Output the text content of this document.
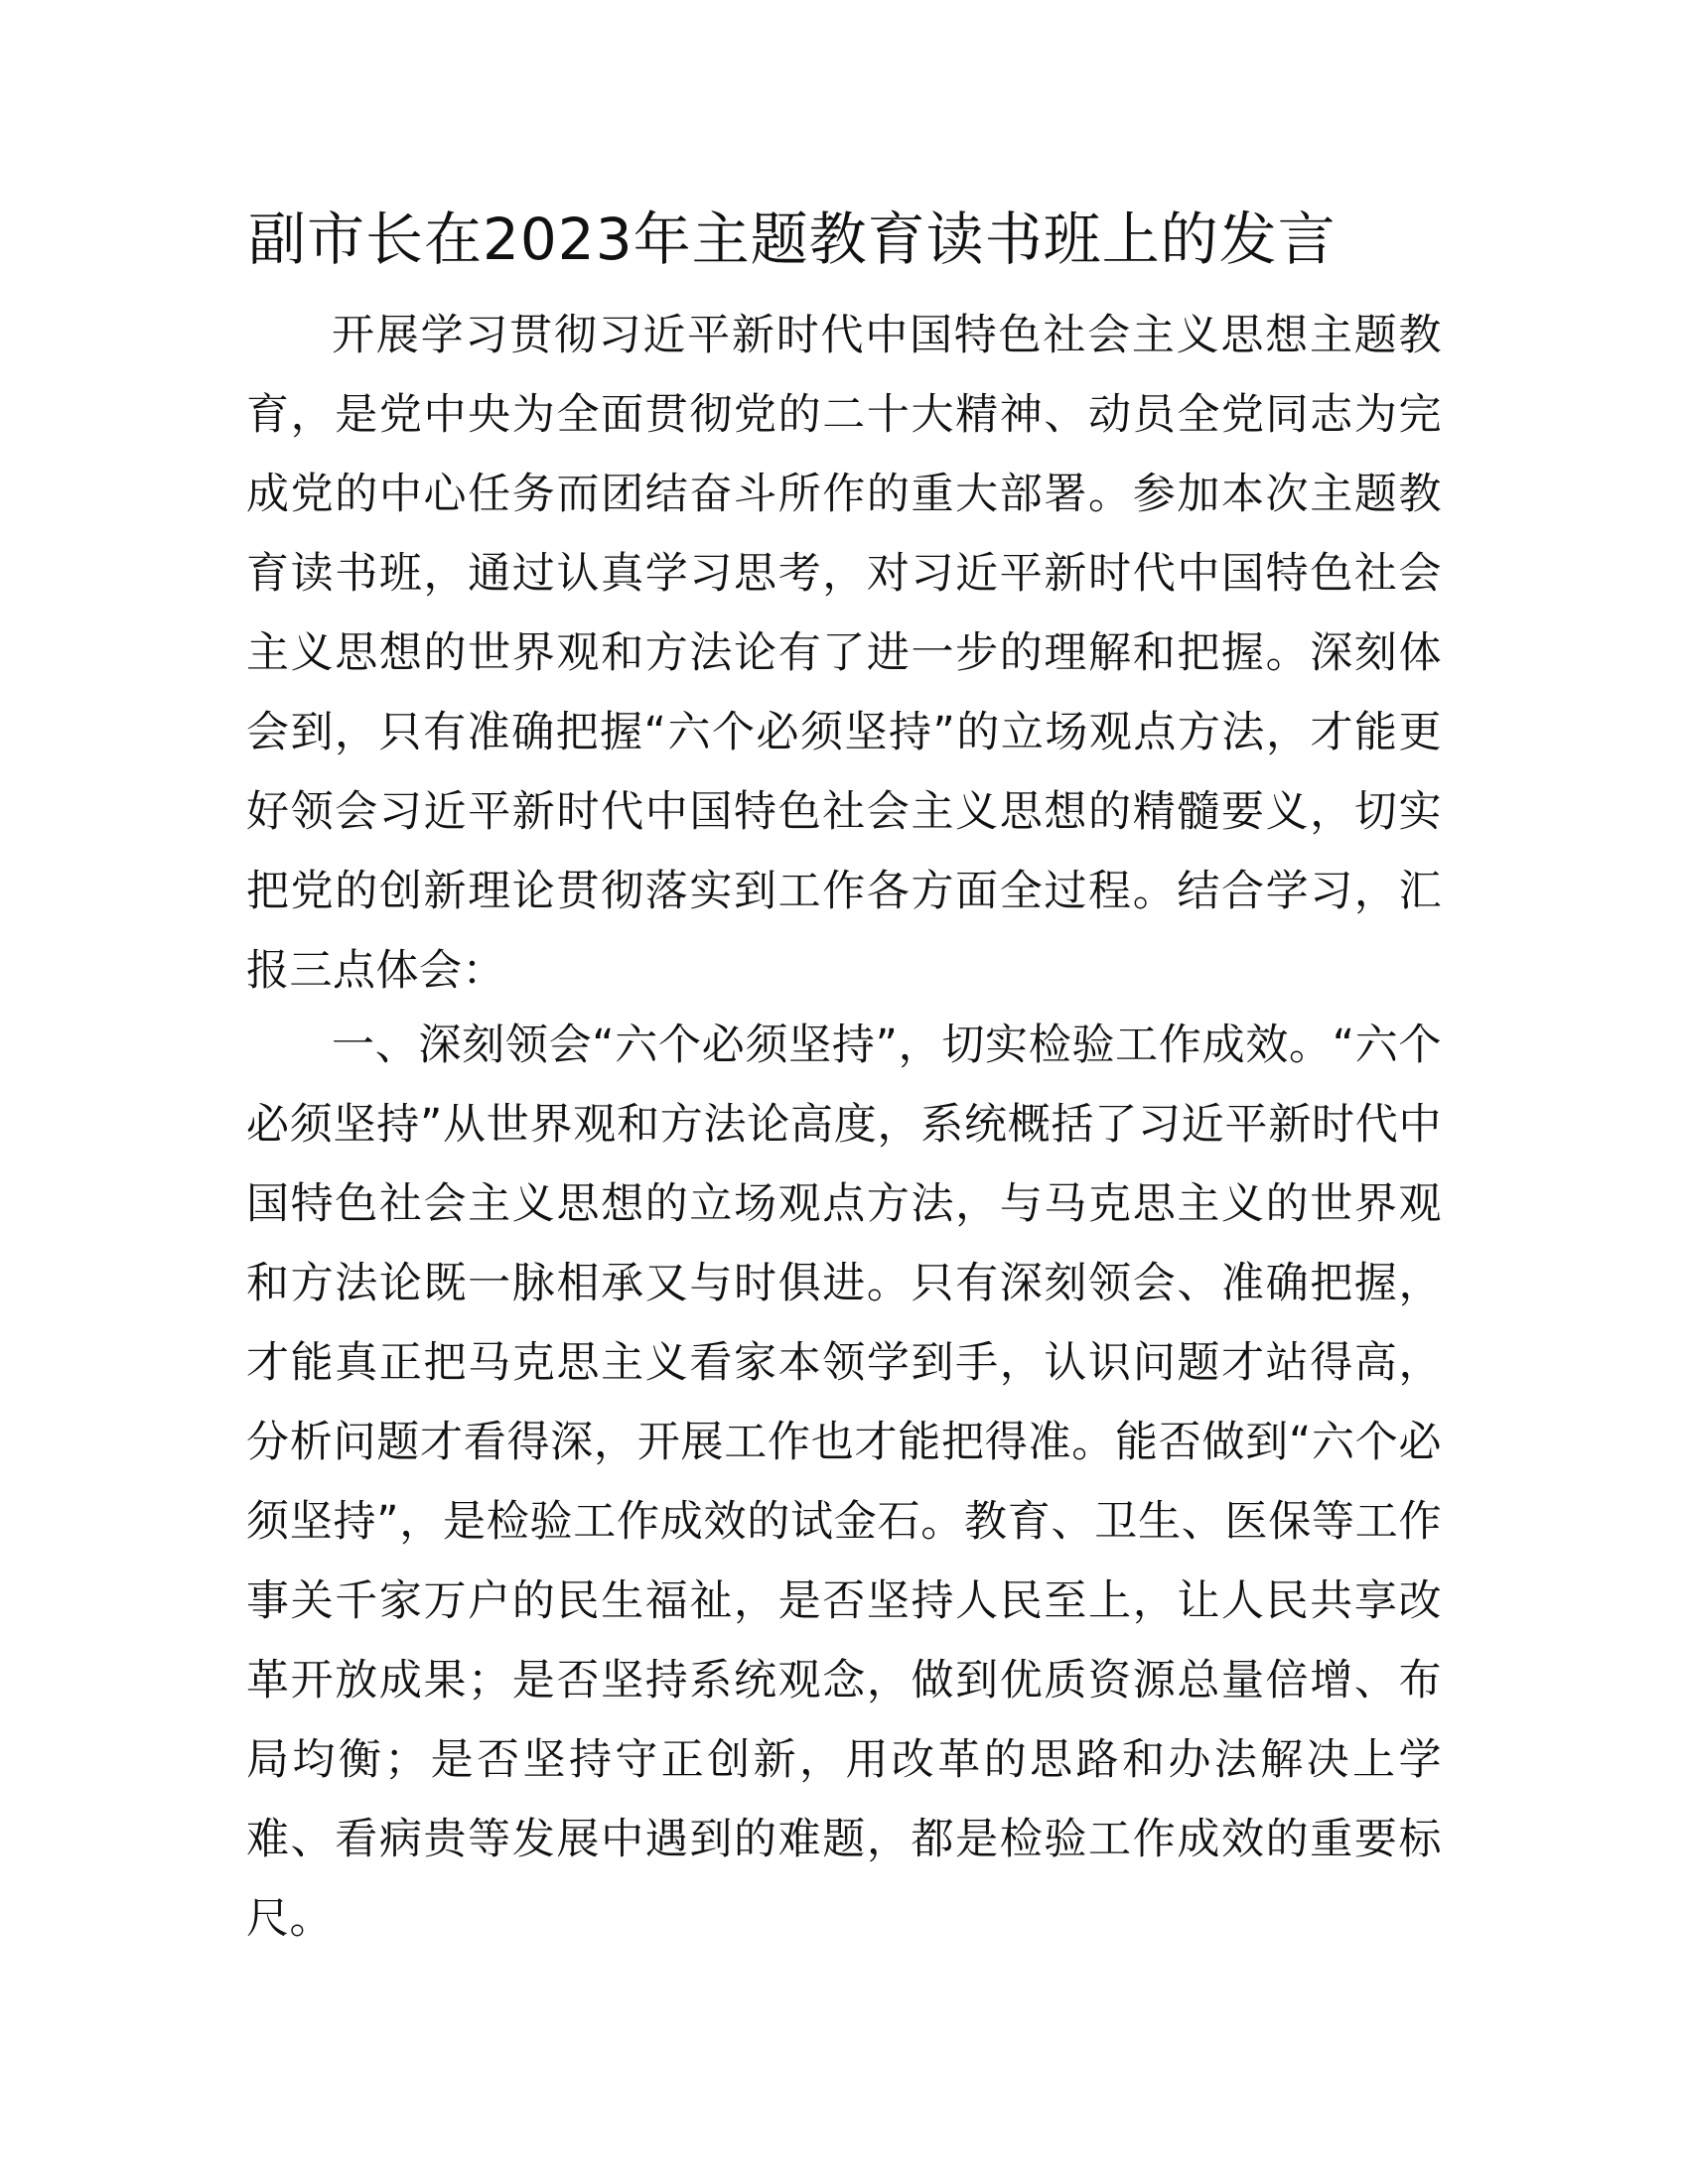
副市长在2023年主题教育读书班上的发言

开展学习贯彻习近平新时代中国特色社会主义思想主题教育，是党中央为全面贯彻党的二十大精神、动员全党同志为完成党的中心任务而团结奋斗所作的重大部署。参加本次主题教育读书班，通过认真学习思考，对习近平新时代中国特色社会主义思想的世界观和方法论有了进一步的理解和把握。深刻体会到，只有准确把握“六个必须坚持”的立场观点方法，才能更好领会习近平新时代中国特色社会主义思想的精髓要义，切实把党的创新理论贯彻落实到工作各方面全过程。结合学习，汇报三点体会：

一、深刻领会“六个必须坚持”，切实检验工作成效。“六个必须坚持”从世界观和方法论高度，系统概括了习近平新时代中国特色社会主义思想的立场观点方法，与马克思主义的世界观和方法论既一脉相承又与时俱进。只有深刻领会、准确把握，才能真正把马克思主义看家本领学到手，认识问题才站得高，分析问题才看得深，开展工作也才能把得准。能否做到“六个必须坚持”，是检验工作成效的试金石。教育、卫生、医保等工作事关千家万户的民生福祉，是否坚持人民至上，让人民共享改革开放成果；是否坚持系统观念，做到优质资源总量倍增、布局均衡；是否坚持守正创新，用改革的思路和办法解决上学难、看病贵等发展中遇到的难题，都是检验工作成效的重要标尺。
